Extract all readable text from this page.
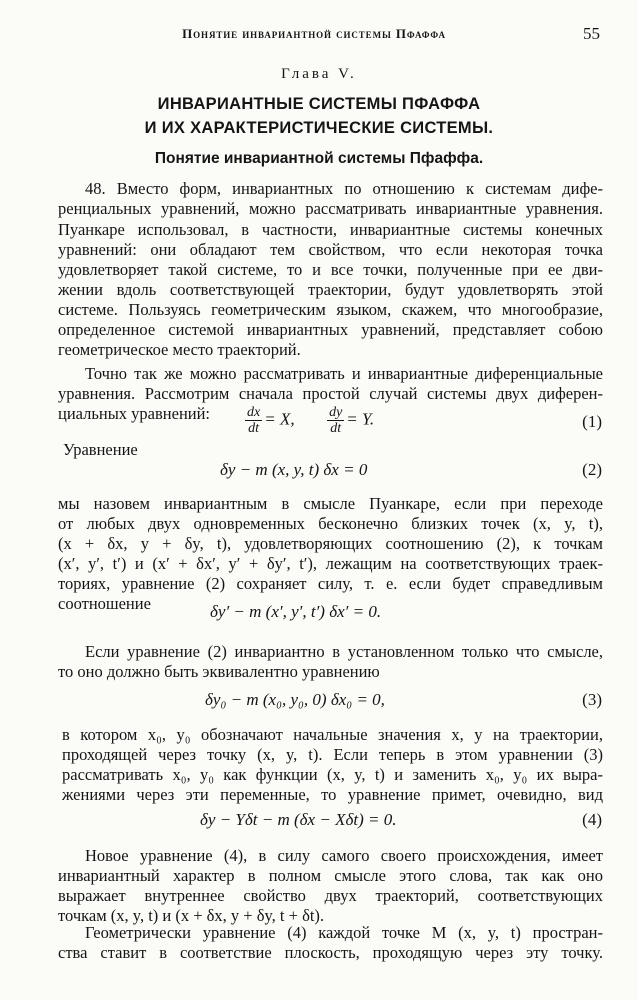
Понятие инвариантной системы Пфаффа	55
Глава V.
ИНВАРИАНТНЫЕ СИСТЕМЫ ПФАФФА
И ИХ ХАРАКТЕРИСТИЧЕСКИЕ СИСТЕМЫ.
Понятие инвариантной системы Пфаффа.
48. Вместо форм, инвариантных по отношению к системам дифе-
ренциальных уравнений, можно рассматривать инвариантные уравнения.
Пуанкаре использовал, в частности, инвариантные системы конечных
уравнений: они обладают тем свойством, что если некоторая точка
удовлетворяет такой системе, то и все точки, полученные при ее дви-
жении вдоль соответствующей траектории, будут удовлетворять этой
системе. Пользуясь геометрическим языком, скажем, что многообразие,
определенное системой инвариантных уравнений, представляет собою
геометрическое место траекторий.
Точно так же можно рассматривать и инвариантные диференциальные
уравнения. Рассмотрим сначала простой случай системы двух диферен-
циальных уравнений:	$\frac{dx}{dt} = X$, $\frac{dy}{dt} = Y$.	(1)
Уравнение
δy − m (x, y, t) δx = 0	(2)
мы назовем инвариантным в смысле Пуанкаре, если при переходе
от любых двух одновременных бесконечно близких точек (x, y, t),
(x + δx, y + δy, t), удовлетворяющих соотношению (2), к точкам
(x′, y′, t′) и (x′ + δx′, y′ + δy′, t′), лежащим на соответствующих траек-
ториях, уравнение (2) сохраняет силу, т. е. если будет справедливым
соотношение	δy′ − m (x′, y′, t′) δx′ = 0.
Если уравнение (2) инвариантно в установленном только что смысле,
то оно должно быть эквивалентно уравнению
δy₀ − m (x₀, y₀, 0) δx₀ = 0,	(3)
в котором x₀, y₀ обозначают начальные значения x, y на траектории,
проходящей через точку (x, y, t). Если теперь в этом уравнении (3)
рассматривать x₀, y₀ как функции (x, y, t) и заменить x₀, y₀ их выра-
жениями через эти переменные, то уравнение примет, очевидно, вид
δy − Yδt − m (δx − Xδt) = 0.	(4)
Новое уравнение (4), в силу самого своего происхождения, имеет
инвариантный характер в полном смысле этого слова, так как оно
выражает внутреннее свойство двух траекторий, соответствующих
точкам (x, y, t) и (x + δx, y + δy, t + δt).
Геометрически уравнение (4) каждой точке M (x, y, t) простран-
ства ставит в соответствие плоскость, проходящую через эту точку.
